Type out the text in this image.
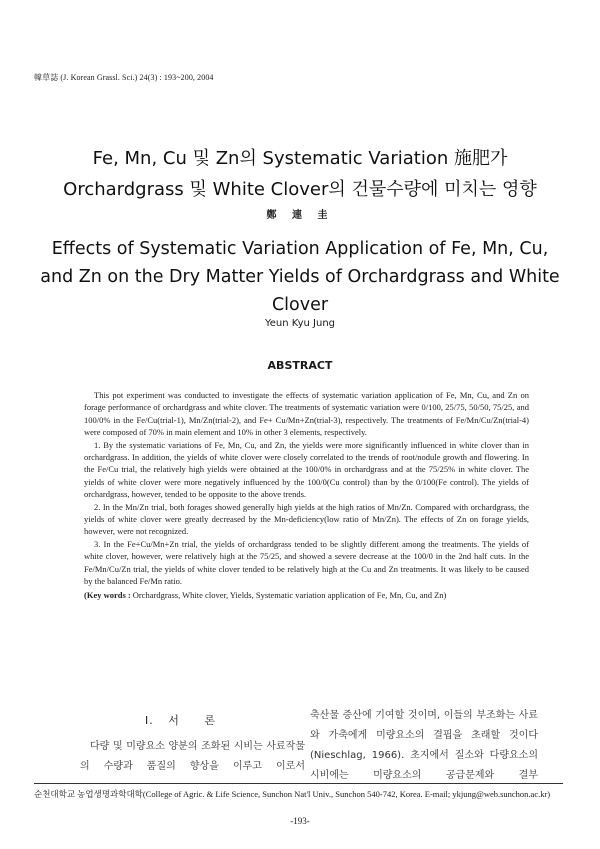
韓草誌 (J. Korean Grassl. Sci.) 24(3) : 193~200, 2004
Fe, Mn, Cu 및 Zn의 Systematic Variation 施肥가
Orchardgrass 및 White Clover의 건물수량에 미치는 영향
鄭 連 圭
Effects of Systematic Variation Application of Fe, Mn, Cu, and Zn on the Dry Matter Yields of Orchardgrass and White Clover
Yeun Kyu Jung
ABSTRACT

This pot experiment was conducted to investigate the effects of systematic variation application of Fe, Mn, Cu, and Zn on forage performance of orchardgrass and white clover. The treatments of systematic variation were 0/100, 25/75, 50/50, 75/25, and 100/0% in the Fe/Cu(trial-1), Mn/Zn(trial-2), and Fe+ Cu/Mn+Zn(trial-3), respectively. The treatments of Fe/Mn/Cu/Zn(trial-4) were composed of 70% in main element and 10% in other 3 elements, respectively.

1. By the systematic variations of Fe, Mn, Cu, and Zn, the yields were more significantly influenced in white clover than in orchardgrass. In addition, the yields of white clover were closely correlated to the trends of root/nodule growth and flowering. In the Fe/Cu trial, the relatively high yields were obtained at the 100/0% in orchardgrass and at the 75/25% in white clover. The yields of white clover were more negatively influenced by the 100/0(Cu control) than by the 0/100(Fe control). The yields of orchardgrass, however, tended to be opposite to the above trends.

2. In the Mn/Zn trial, both forages showed generally high yields at the high ratios of Mn/Zn. Compared with orchardgrass, the yields of white clover were greatly decreased by the Mn-deficiency(low ratio of Mn/Zn). The effects of Zn on forage yields, however, were not recognized.

3. In the Fe+Cu/Mn+Zn trial, the yields of orchardgrass tended to be slightly different among the treatments. The yields of white clover, however, were relatively high at the 75/25, and showed a severe decrease at the 100/0 in the 2nd half cuts. In the Fe/Mn/Cu/Zn trial, the yields of white clover tended to be relatively high at the Cu and Zn treatments. It was likely to be caused by the balanced Fe/Mn ratio.

(Key words : Orchardgrass, White clover, Yields, Systematic variation application of Fe, Mn, Cu, and Zn)
Ⅰ. 서 론

다량 및 미량요소 양분의 조화된 시비는 사료작물의 수량과 품질의 향상을 이루고 이로서

축산물 증산에 기여할 것이며, 이들의 부조화는 사료와 가축에게 미량요소의 결핍을 초래할 것이다(Nieschlag, 1966). 초지에서 질소와 다량요소의 시비에는 미량요소의 공급문제와 결부

순천대학교 농업생명과학대학(College of Agric. & Life Science, Sunchon Nat'l Univ., Sunchon 540-742, Korea. E-mail; ykjung@web.sunchon.ac.kr)
-193-
